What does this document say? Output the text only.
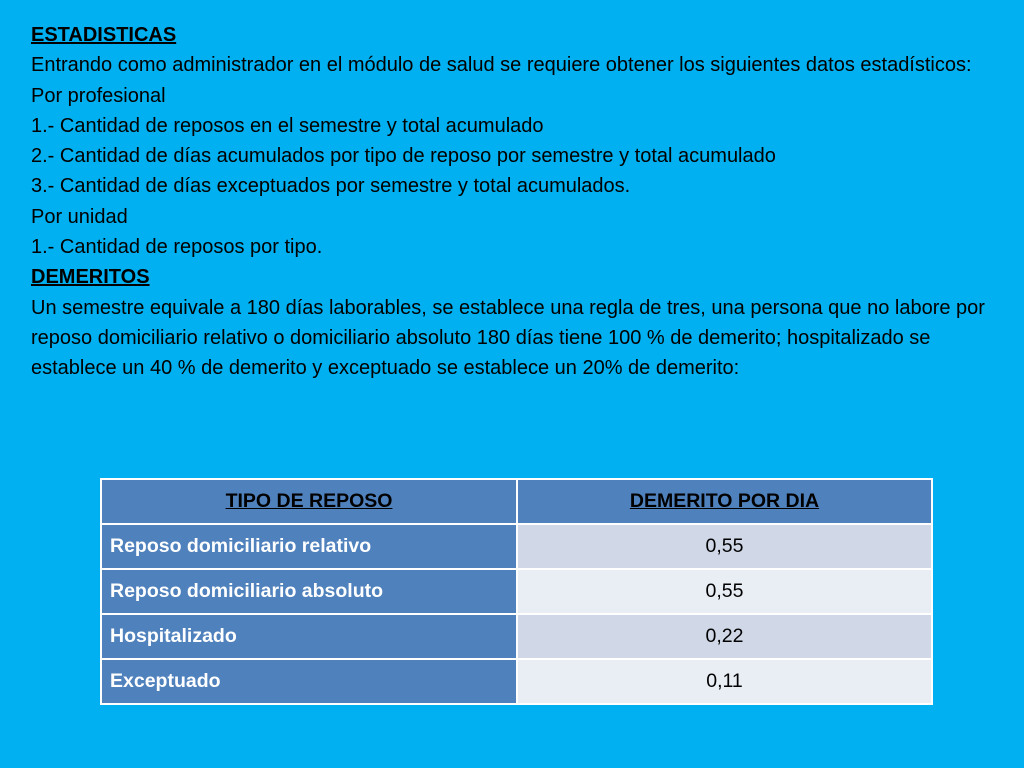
ESTADISTICAS

Entrando como administrador en el módulo de salud se requiere obtener los siguientes datos estadísticos:

Por profesional

1.- Cantidad de reposos en el semestre y total acumulado

2.- Cantidad de días acumulados por tipo de reposo por semestre y total acumulado

3.- Cantidad de días exceptuados por semestre y total acumulados.

Por unidad

1.- Cantidad de reposos por tipo.

DEMERITOS

Un semestre equivale a 180 días laborables, se establece una regla de tres, una persona que no labore por reposo domiciliario relativo o domiciliario absoluto 180 días tiene 100 % de demerito; hospitalizado se establece un 40 % de demerito y exceptuado se establece un 20% de demerito:

TIPO DE REPOSO	DEMERITO POR DIA
Reposo domiciliario relativo	0,55
Reposo domiciliario absoluto	0,55
Hospitalizado	0,22
Exceptuado	0,11
